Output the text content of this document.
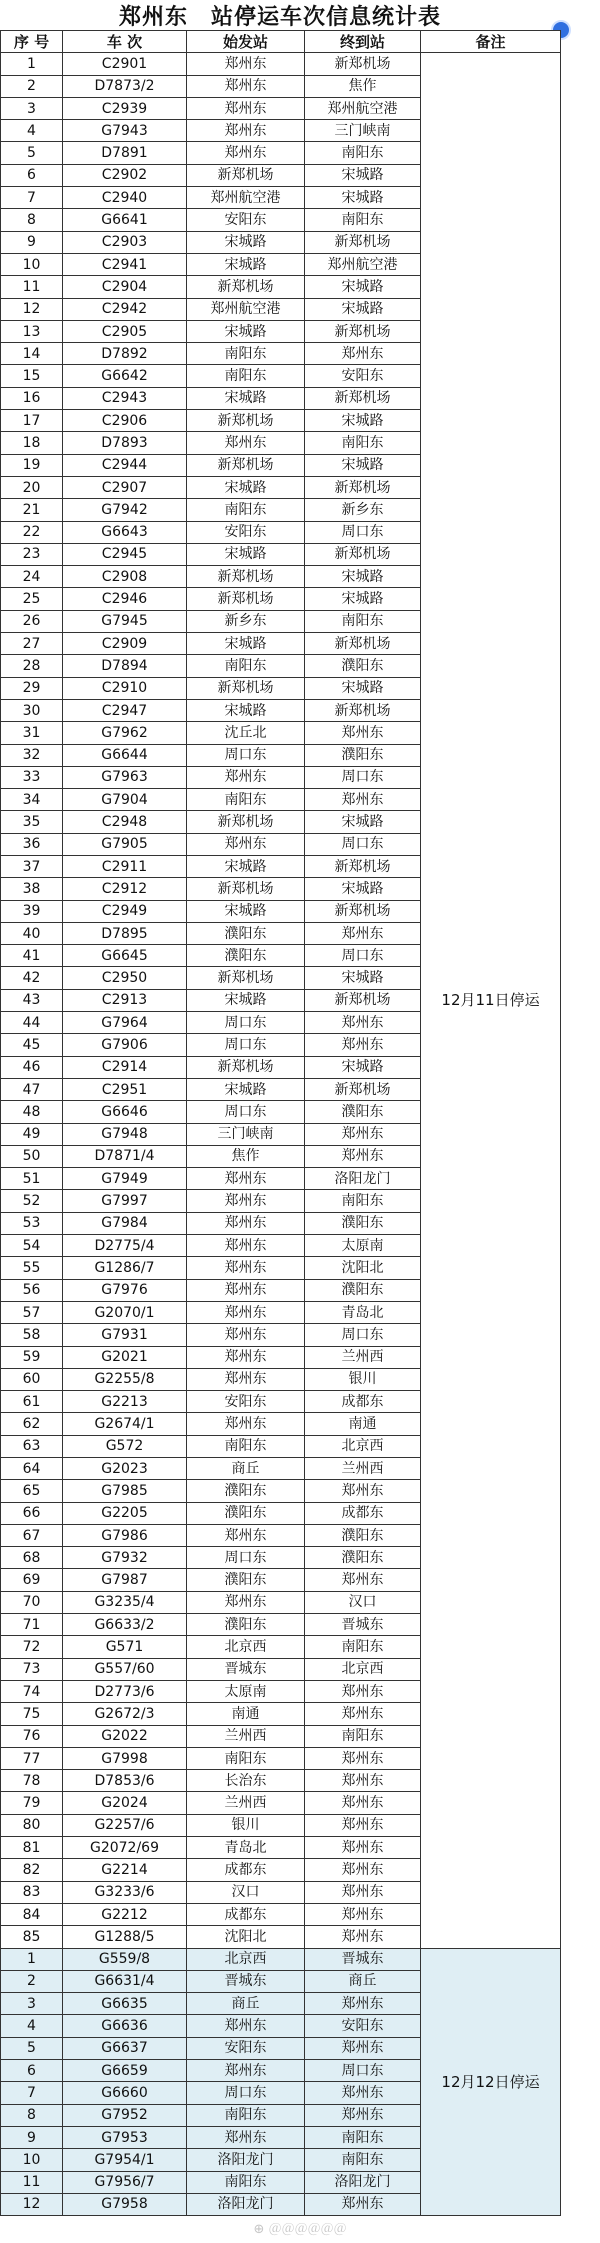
郑州东　站停运车次信息统计表
序 号	车 次	始发站	终到站	备注
1	C2901	郑州东	新郑机场	12月11日停运
2	D7873/2	郑州东	焦作	
3	C2939	郑州东	郑州航空港	
4	G7943	郑州东	三门峡南	
5	D7891	郑州东	南阳东	
6	C2902	新郑机场	宋城路	
7	C2940	郑州航空港	宋城路	
8	G6641	安阳东	南阳东	
9	C2903	宋城路	新郑机场	
10	C2941	宋城路	郑州航空港	
11	C2904	新郑机场	宋城路	
12	C2942	郑州航空港	宋城路	
13	C2905	宋城路	新郑机场	
14	D7892	南阳东	郑州东	
15	G6642	南阳东	安阳东	
16	C2943	宋城路	新郑机场	
17	C2906	新郑机场	宋城路	
18	D7893	郑州东	南阳东	
19	C2944	新郑机场	宋城路	
20	C2907	宋城路	新郑机场	
21	G7942	南阳东	新乡东	
22	G6643	安阳东	周口东	
23	C2945	宋城路	新郑机场	
24	C2908	新郑机场	宋城路	
25	C2946	新郑机场	宋城路	
26	G7945	新乡东	南阳东	
27	C2909	宋城路	新郑机场	
28	D7894	南阳东	濮阳东	
29	C2910	新郑机场	宋城路	
30	C2947	宋城路	新郑机场	
31	G7962	沈丘北	郑州东	
32	G6644	周口东	濮阳东	
33	G7963	郑州东	周口东	
34	G7904	南阳东	郑州东	
35	C2948	新郑机场	宋城路	
36	G7905	郑州东	周口东	
37	C2911	宋城路	新郑机场	
38	C2912	新郑机场	宋城路	
39	C2949	宋城路	新郑机场	
40	D7895	濮阳东	郑州东	
41	G6645	濮阳东	周口东	
42	C2950	新郑机场	宋城路	
43	C2913	宋城路	新郑机场	
44	G7964	周口东	郑州东	
45	G7906	周口东	郑州东	
46	C2914	新郑机场	宋城路	
47	C2951	宋城路	新郑机场	
48	G6646	周口东	濮阳东	
49	G7948	三门峡南	郑州东	
50	D7871/4	焦作	郑州东	
51	G7949	郑州东	洛阳龙门	
52	G7997	郑州东	南阳东	
53	G7984	郑州东	濮阳东	
54	D2775/4	郑州东	太原南	
55	G1286/7	郑州东	沈阳北	
56	G7976	郑州东	濮阳东	
57	G2070/1	郑州东	青岛北	
58	G7931	郑州东	周口东	
59	G2021	郑州东	兰州西	
60	G2255/8	郑州东	银川	
61	G2213	安阳东	成都东	
62	G2674/1	郑州东	南通	
63	G572	南阳东	北京西	
64	G2023	商丘	兰州西	
65	G7985	濮阳东	郑州东	
66	G2205	濮阳东	成都东	
67	G7986	郑州东	濮阳东	
68	G7932	周口东	濮阳东	
69	G7987	濮阳东	郑州东	
70	G3235/4	郑州东	汉口	
71	G6633/2	濮阳东	晋城东	
72	G571	北京西	南阳东	
73	G557/60	晋城东	北京西	
74	D2773/6	太原南	郑州东	
75	G2672/3	南通	郑州东	
76	G2022	兰州西	南阳东	
77	G7998	南阳东	郑州东	
78	D7853/6	长治东	郑州东	
79	G2024	兰州西	郑州东	
80	G2257/6	银川	郑州东	
81	G2072/69	青岛北	郑州东	
82	G2214	成都东	郑州东	
83	G3233/6	汉口	郑州东	
84	G2212	成都东	郑州东	
85	G1288/5	沈阳北	郑州东	
1	G559/8	北京西	晋城东	12月12日停运
2	G6631/4	晋城东	商丘	
3	G6635	商丘	郑州东	
4	G6636	郑州东	安阳东	
5	G6637	安阳东	郑州东	
6	G6659	郑州东	周口东	
7	G6660	周口东	郑州东	
8	G7952	南阳东	郑州东	
9	G7953	郑州东	南阳东	
10	G7954/1	洛阳龙门	南阳东	
11	G7956/7	南阳东	洛阳龙门	
12	G7958	洛阳龙门	郑州东	
⊕ ＠＠＠＠＠＠
